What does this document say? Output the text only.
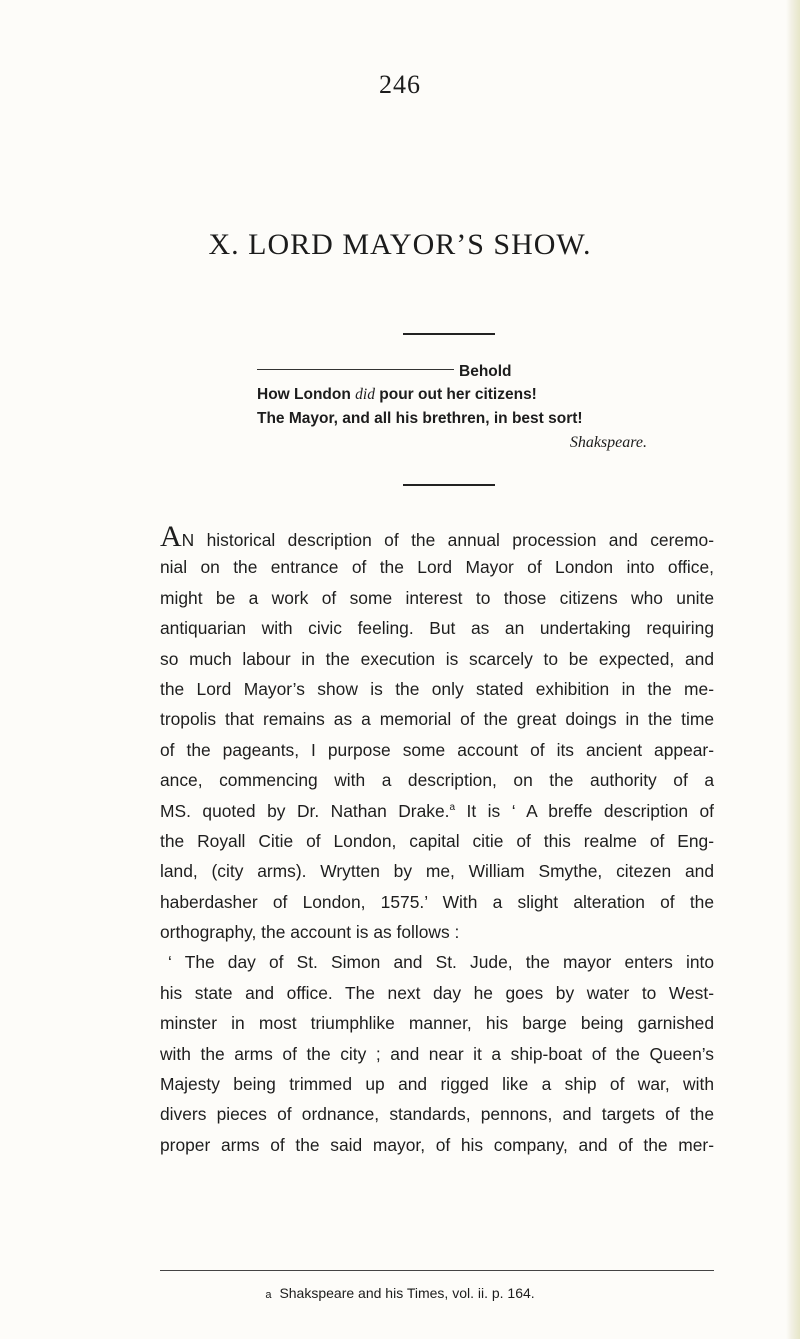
246
X. LORD MAYOR’S SHOW.
Behold
How London did pour out her citizens!
The Mayor, and all his brethren, in best sort!
Shakspeare.
AN historical description of the annual procession and ceremo-
nial on the entrance of the Lord Mayor of London into office,
might be a work of some interest to those citizens who unite
antiquarian with civic feeling. But as an undertaking requiring
so much labour in the execution is scarcely to be expected, and
the Lord Mayor’s show is the only stated exhibition in the me-
tropolis that remains as a memorial of the great doings in the time
of the pageants, I purpose some account of its ancient appear-
ance, commencing with a description, on the authority of a
MS. quoted by Dr. Nathan Drake.$^a$ It is ‘ A breffe description of
the Royall Citie of London, capital citie of this realme of Eng-
land, (city arms). Wrytten by me, William Smythe, citezen and
haberdasher of London, 1575.’ With a slight alteration of the
orthography, the account is as follows :
‘ The day of St. Simon and St. Jude, the mayor enters into
his state and office. The next day he goes by water to West-
minster in most triumphlike manner, his barge being garnished
with the arms of the city ; and near it a ship-boat of the Queen’s
Majesty being trimmed up and rigged like a ship of war, with
divers pieces of ordnance, standards, pennons, and targets of the
proper arms of the said mayor, of his company, and of the mer-
a Shakspeare and his Times, vol. ii. p. 164.
